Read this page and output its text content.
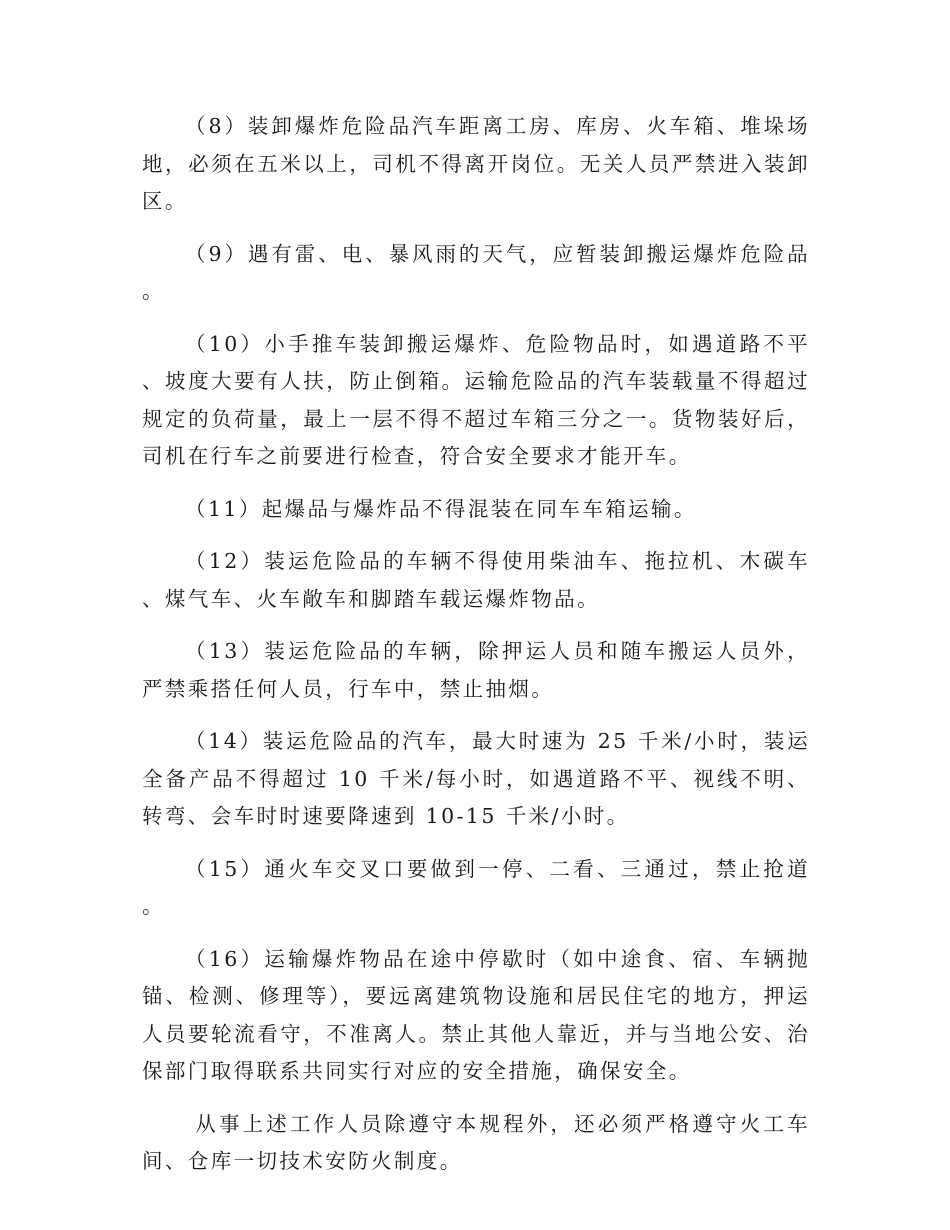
（8）装卸爆炸危险品汽车距离工房、库房、火车箱、堆垛场地，必须在五米以上，司机不得离开岗位。无关人员严禁进入装卸区。

（9）遇有雷、电、暴风雨的天气，应暂装卸搬运爆炸危险品。

（10）小手推车装卸搬运爆炸、危险物品时，如遇道路不平、坡度大要有人扶，防止倒箱。运输危险品的汽车装载量不得超过规定的负荷量，最上一层不得不超过车箱三分之一。货物装好后，司机在行车之前要进行检查，符合安全要求才能开车。

（11）起爆品与爆炸品不得混装在同车车箱运输。

（12）装运危险品的车辆不得使用柴油车、拖拉机、木碳车、煤气车、火车敞车和脚踏车载运爆炸物品。

（13）装运危险品的车辆，除押运人员和随车搬运人员外，严禁乘搭任何人员，行车中，禁止抽烟。

（14）装运危险品的汽车，最大时速为 25 千米/小时，装运全备产品不得超过 10 千米/每小时，如遇道路不平、视线不明、转弯、会车时时速要降速到 10-15 千米/小时。

（15）通火车交叉口要做到一停、二看、三通过，禁止抢道。

（16）运输爆炸物品在途中停歇时（如中途食、宿、车辆抛锚、检测、修理等），要远离建筑物设施和居民住宅的地方，押运人员要轮流看守，不准离人。禁止其他人靠近，并与当地公安、治保部门取得联系共同实行对应的安全措施，确保安全。

从事上述工作人员除遵守本规程外，还必须严格遵守火工车间、仓库一切技术安防火制度。
